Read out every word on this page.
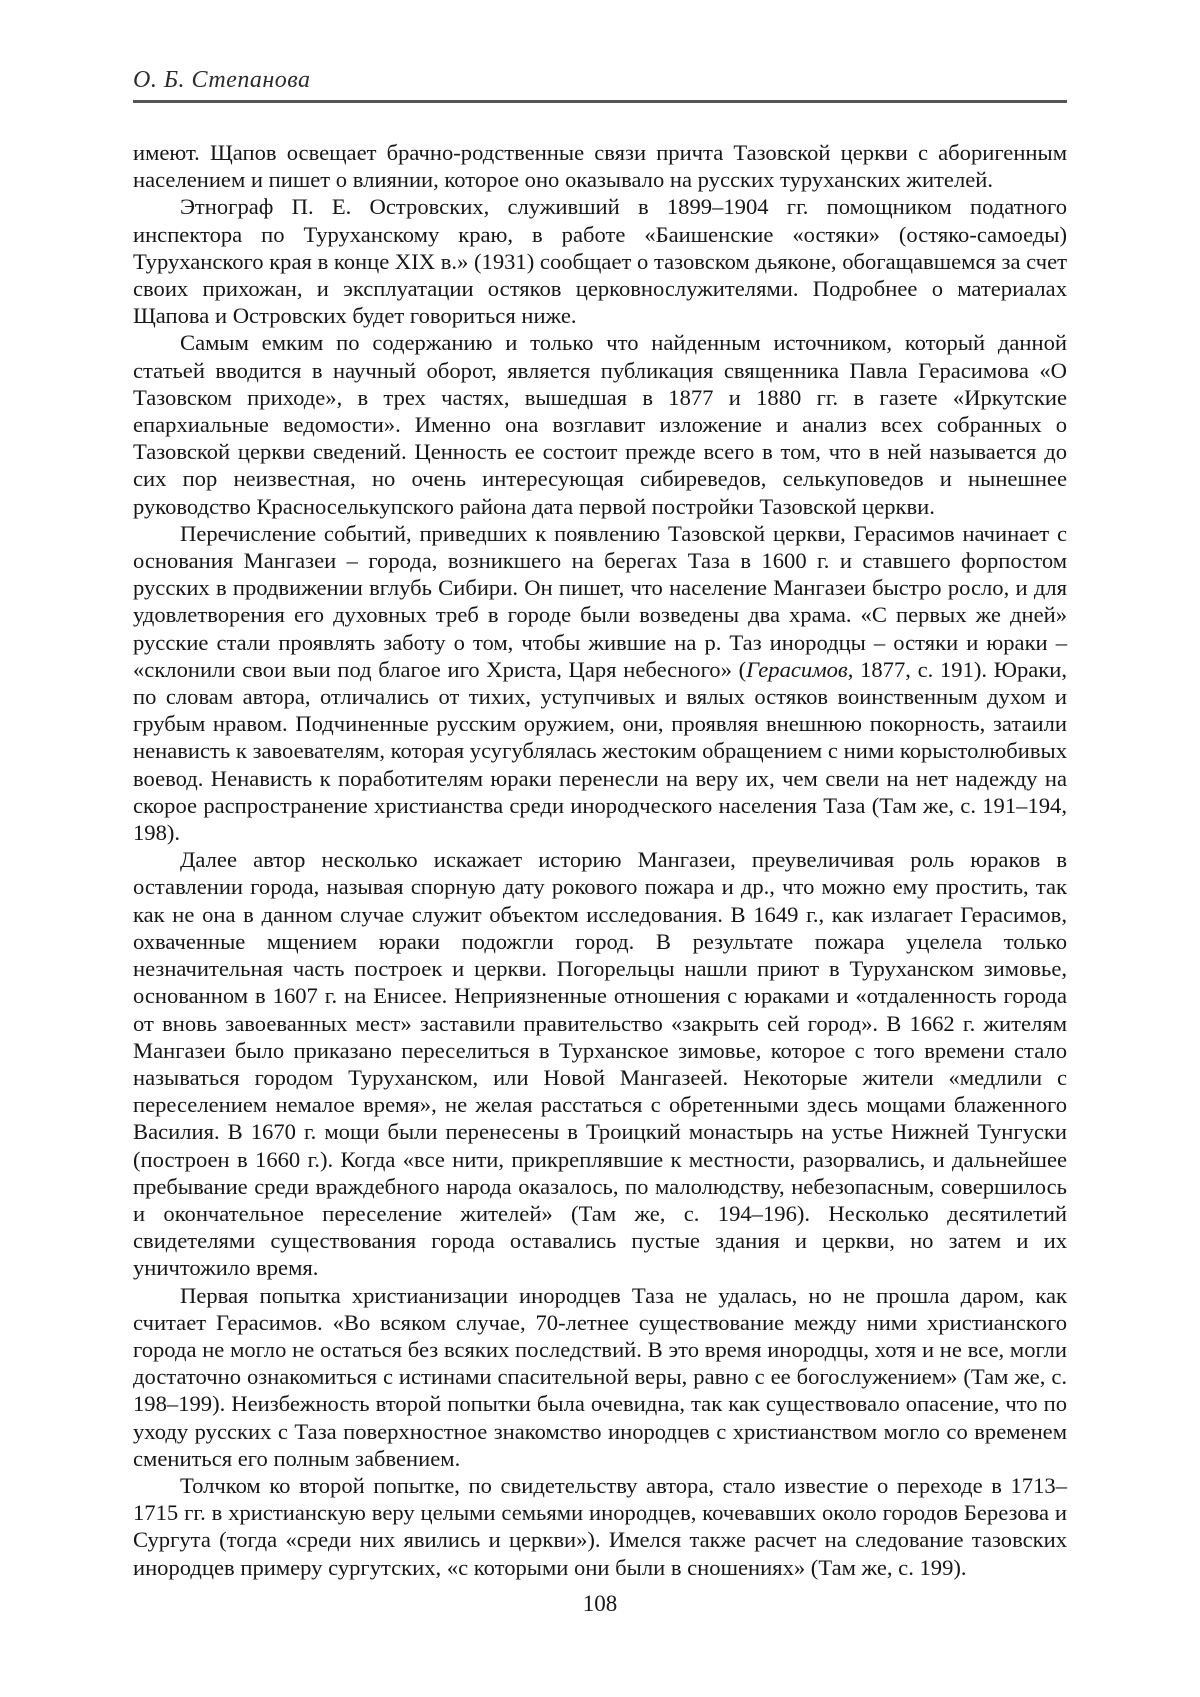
О. Б. Степанова

имеют. Щапов освещает брачно-родственные связи причта Тазовской церкви с аборигенным населением и пишет о влиянии, которое оно оказывало на русских туруханских жителей.

Этнограф П. Е. Островских, служивший в 1899–1904 гг. помощником податного инспектора по Туруханскому краю, в работе «Баишенские «остяки» (остяко-самоеды) Туруханского края в конце XIX в.» (1931) сообщает о тазовском дьяконе, обогащавшемся за счет своих прихожан, и эксплуатации остяков церковнослужителями. Подробнее о материалах Щапова и Островских будет говориться ниже.

Самым емким по содержанию и только что найденным источником, который данной статьей вводится в научный оборот, является публикация священника Павла Герасимова «О Тазовском приходе», в трех частях, вышедшая в 1877 и 1880 гг. в газете «Иркутские епархиальные ведомости». Именно она возглавит изложение и анализ всех собранных о Тазовской церкви сведений. Ценность ее состоит прежде всего в том, что в ней называется до сих пор неизвестная, но очень интересующая сибиреведов, селькуповедов и нынешнее руководство Красноселькупского района дата первой постройки Тазовской церкви.

Перечисление событий, приведших к появлению Тазовской церкви, Герасимов начинает с основания Мангазеи – города, возникшего на берегах Таза в 1600 г. и ставшего форпостом русских в продвижении вглубь Сибири. Он пишет, что население Мангазеи быстро росло, и для удовлетворения его духовных треб в городе были возведены два храма. «С первых же дней» русские стали проявлять заботу о том, чтобы жившие на р. Таз инородцы – остяки и юраки – «склонили свои выи под благое иго Христа, Царя небесного» (Герасимов, 1877, с. 191). Юраки, по словам автора, отличались от тихих, уступчивых и вялых остяков воинственным духом и грубым нравом. Подчиненные русским оружием, они, проявляя внешнюю покорность, затаили ненависть к завоевателям, которая усугублялась жестоким обращением с ними корыстолюбивых воевод. Ненависть к поработителям юраки перенесли на веру их, чем свели на нет надежду на скорое распространение христианства среди инородческого населения Таза (Там же, с. 191–194, 198).

Далее автор несколько искажает историю Мангазеи, преувеличивая роль юраков в оставлении города, называя спорную дату рокового пожара и др., что можно ему простить, так как не она в данном случае служит объектом исследования. В 1649 г., как излагает Герасимов, охваченные мщением юраки подожгли город. В результате пожара уцелела только незначительная часть построек и церкви. Погорельцы нашли приют в Туруханском зимовье, основанном в 1607 г. на Енисее. Неприязненные отношения с юраками и «отдаленность города от вновь завоеванных мест» заставили правительство «закрыть сей город». В 1662 г. жителям Мангазеи было приказано переселиться в Турханское зимовье, которое с того времени стало называться городом Туруханском, или Новой Мангазеей. Некоторые жители «медлили с переселением немалое время», не желая расстаться с обретенными здесь мощами блаженного Василия. В 1670 г. мощи были перенесены в Троицкий монастырь на устье Нижней Тунгуски (построен в 1660 г.). Когда «все нити, прикреплявшие к местности, разорвались, и дальнейшее пребывание среди враждебного народа оказалось, по малолюдству, небезопасным, совершилось и окончательное переселение жителей» (Там же, с. 194–196). Несколько десятилетий свидетелями существования города оставались пустые здания и церкви, но затем и их уничтожило время.

Первая попытка христианизации инородцев Таза не удалась, но не прошла даром, как считает Герасимов. «Во всяком случае, 70-летнее существование между ними христианского города не могло не остаться без всяких последствий. В это время инородцы, хотя и не все, могли достаточно ознакомиться с истинами спасительной веры, равно с ее богослужением» (Там же, с. 198–199). Неизбежность второй попытки была очевидна, так как существовало опасение, что по уходу русских с Таза поверхностное знакомство инородцев с христианством могло со временем смениться его полным забвением.

Толчком ко второй попытке, по свидетельству автора, стало известие о переходе в 1713–1715 гг. в христианскую веру целыми семьями инородцев, кочевавших около городов Березова и Сургута (тогда «среди них явились и церкви»). Имелся также расчет на следование тазовских инородцев примеру сургутских, «с которыми они были в сношениях» (Там же, с. 199).

108
